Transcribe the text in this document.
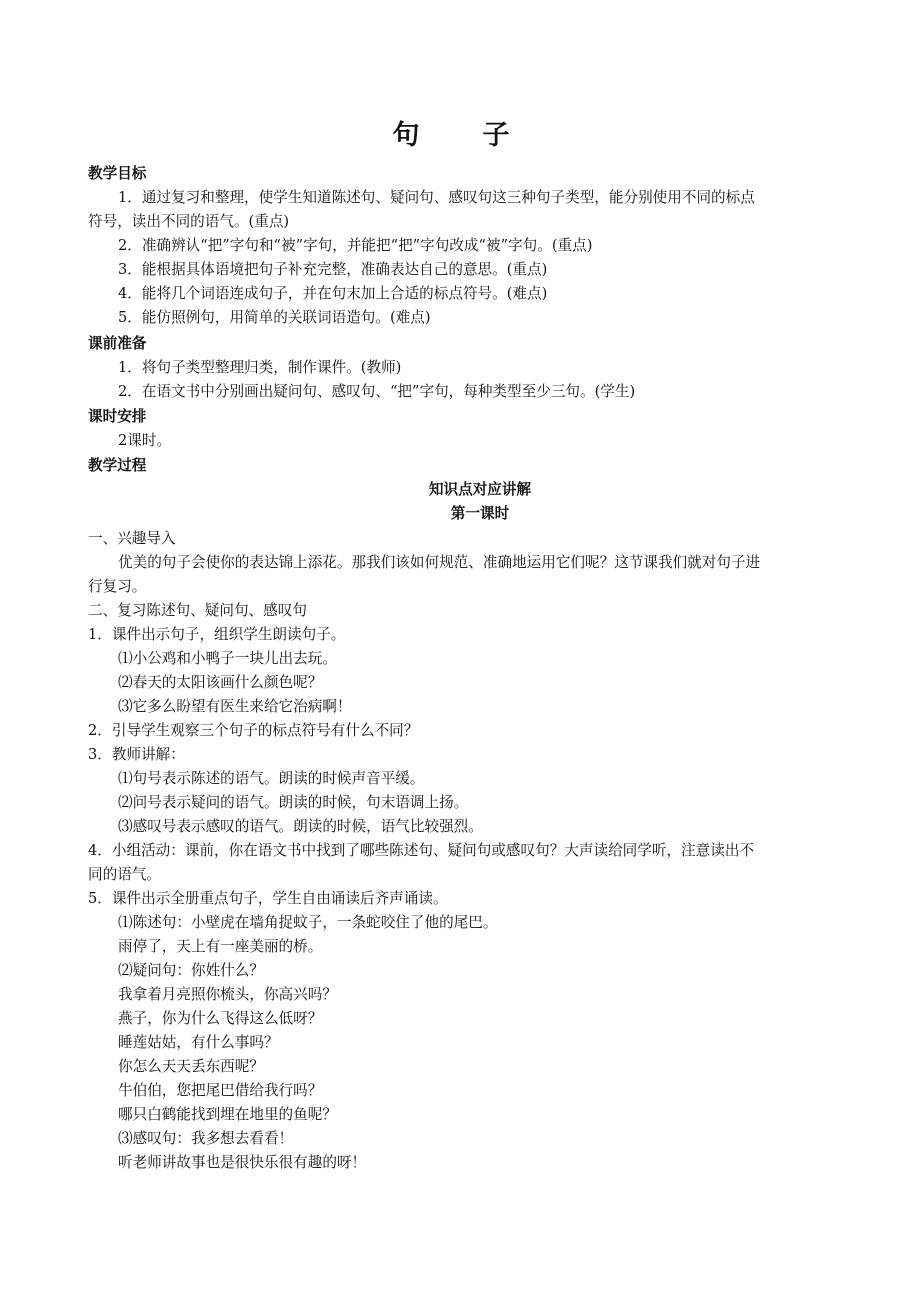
句　子
教学目标
1．通过复习和整理，使学生知道陈述句、疑问句、感叹句这三种句子类型，能分别使用不同的标点
符号，读出不同的语气。(重点)
2．准确辨认“把”字句和“被”字句，并能把“把”字句改成“被”字句。(重点)
3．能根据具体语境把句子补充完整，准确表达自己的意思。(重点)
4．能将几个词语连成句子，并在句末加上合适的标点符号。(难点)
5．能仿照例句，用简单的关联词语造句。(难点)
课前准备
1．将句子类型整理归类，制作课件。(教师)
2．在语文书中分别画出疑问句、感叹句、“把”字句，每种类型至少三句。(学生)
课时安排
2课时。
教学过程
知识点对应讲解
第一课时
一、兴趣导入
优美的句子会使你的表达锦上添花。那我们该如何规范、准确地运用它们呢？这节课我们就对句子进
行复习。
二、复习陈述句、疑问句、感叹句
1．课件出示句子，组织学生朗读句子。
⑴小公鸡和小鸭子一块儿出去玩。
⑵春天的太阳该画什么颜色呢？
⑶它多么盼望有医生来给它治病啊！
2．引导学生观察三个句子的标点符号有什么不同？
3．教师讲解：
⑴句号表示陈述的语气。朗读的时候声音平缓。
⑵问号表示疑问的语气。朗读的时候，句末语调上扬。
⑶感叹号表示感叹的语气。朗读的时候，语气比较强烈。
4．小组活动：课前，你在语文书中找到了哪些陈述句、疑问句或感叹句？大声读给同学听，注意读出不
同的语气。
5．课件出示全册重点句子，学生自由诵读后齐声诵读。
⑴陈述句：小壁虎在墙角捉蚊子，一条蛇咬住了他的尾巴。
雨停了，天上有一座美丽的桥。
⑵疑问句：你姓什么？
我拿着月亮照你梳头，你高兴吗？
燕子，你为什么飞得这么低呀？
睡莲姑姑，有什么事吗？
你怎么天天丢东西呢？
牛伯伯，您把尾巴借给我行吗？
哪只白鹤能找到埋在地里的鱼呢？
⑶感叹句：我多想去看看！
听老师讲故事也是很快乐很有趣的呀！
